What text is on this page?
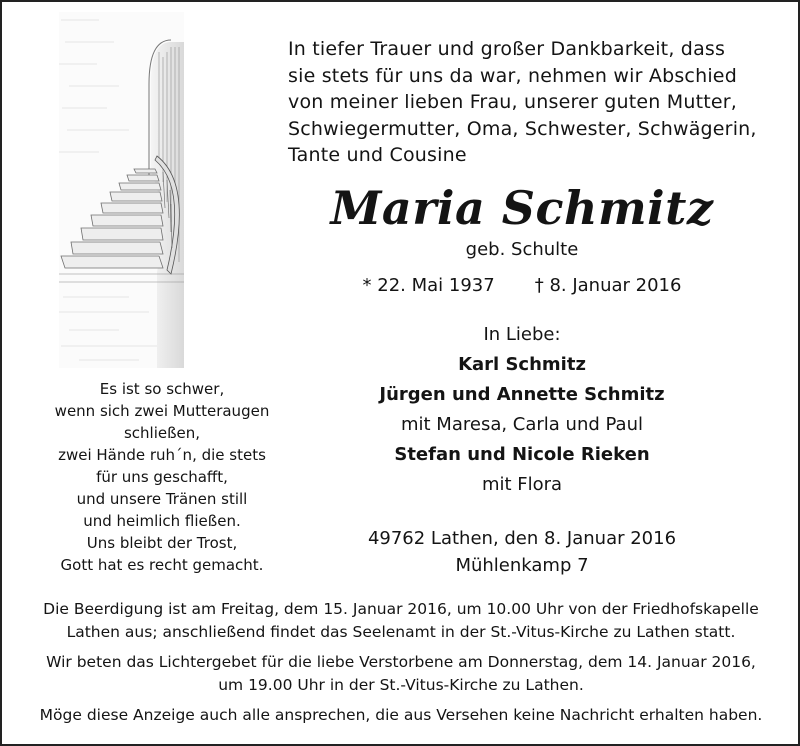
In tiefer Trauer und großer Dankbarkeit, dass
sie stets für uns da war, nehmen wir Abschied
von meiner lieben Frau, unserer guten Mutter,
Schwiegermutter, Oma, Schwester, Schwägerin,
Tante und Cousine
Maria Schmitz
geb. Schulte
* 22. Mai 1937 † 8. Januar 2016
In Liebe:
Karl Schmitz
Jürgen und Annette Schmitz
mit Maresa, Carla und Paul
Stefan und Nicole Rieken
mit Flora
49762 Lathen, den 8. Januar 2016
Mühlenkamp 7
Es ist so schwer,
wenn sich zwei Mutteraugen
schließen,
zwei Hände ruh´n, die stets
für uns geschafft,
und unsere Tränen still
und heimlich fließen.
Uns bleibt der Trost,
Gott hat es recht gemacht.

Die Beerdigung ist am Freitag, dem 15. Januar 2016, um 10.00 Uhr von der Friedhofskapelle
Lathen aus; anschließend findet das Seelenamt in der St.-Vitus-Kirche zu Lathen statt.

Wir beten das Lichtergebet für die liebe Verstorbene am Donnerstag, dem 14. Januar 2016,
um 19.00 Uhr in der St.-Vitus-Kirche zu Lathen.

Möge diese Anzeige auch alle ansprechen, die aus Versehen keine Nachricht erhalten haben.
